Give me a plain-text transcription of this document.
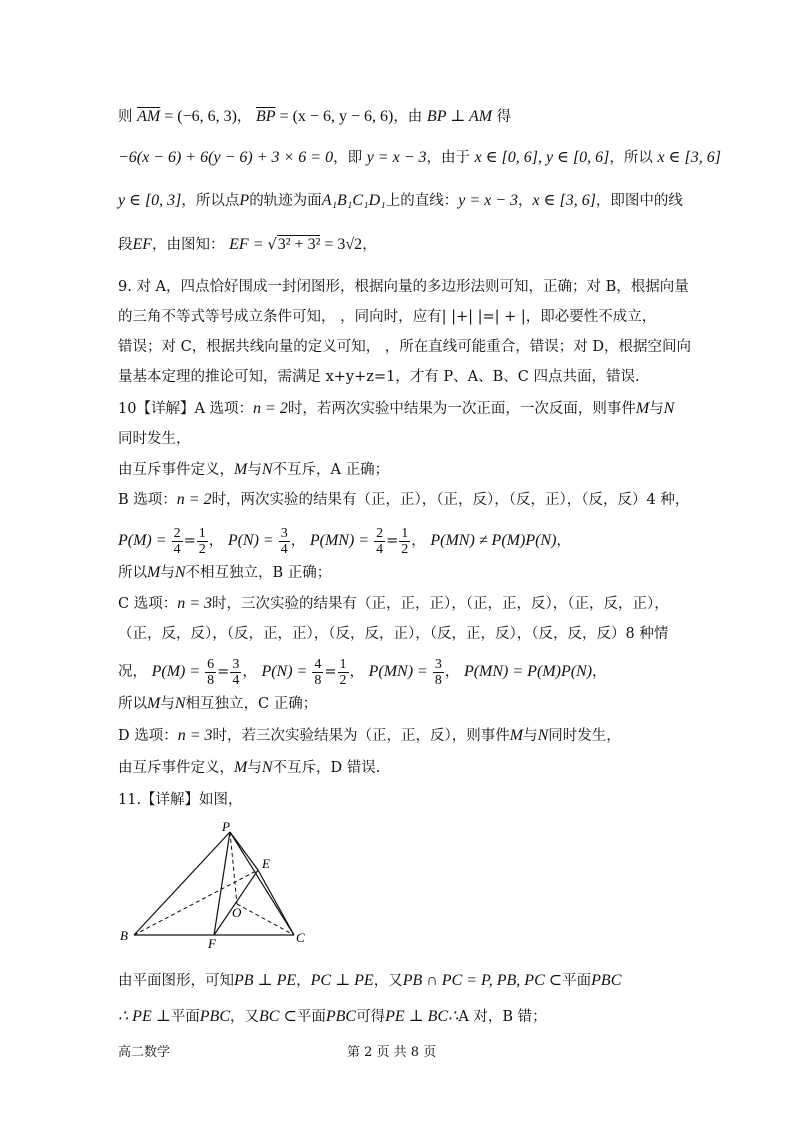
则 $\overline{AM} = (-6$, 6, 3)， $\overline{BP} = (x - 6$, y − 6, 6)，由 BP ⊥ AM 得
−6(x − 6) + 6(y − 6) + 3 × 6 = 0，即 y = x − 3，由于 x ∈ [0, 6], y ∈ [0, 6]，所以 x ∈ [3, 6]
y ∈ [0, 3]，所以点P的轨迹为面A₁B₁C₁D₁上的直线：y = x − 3，x ∈ [3, 6]，即图中的线
段EF，由图知： EF = √3² + 3² = 3√2，
9. 对 A，四点恰好围成一封闭图形，根据向量的多边形法则可知，正确；对 B，根据向量
的三角不等式等号成立条件可知， ，同向时，应有| |+| |=| + |，即必要性不成立，
错误；对 C，根据共线向量的定义可知， ，所在直线可能重合，错误；对 D，根据空间向
量基本定理的推论可知，需满足 x+y+z=1，才有 P、A、B、C 四点共面，错误.
10【详解】A 选项：n = 2时，若两次实验中结果为一次正面，一次反面，则事件M与N
同时发生，
由互斥事件定义，M与N不互斥，A 正确；
B 选项：n = 2时，两次实验的结果有（正，正），（正，反），（反，正），（反，反）4 种，
$P(M) = \frac{2}{4} = \frac{1}{2}$ ， $P(N) = \frac{3}{4}$ ， $P(MN) = \frac{2}{4} = \frac{1}{2}$ ， P(MN) ≠ P(M)P(N)，
所以M与N不相互独立，B 正确；
C 选项：n = 3时，三次实验的结果有（正，正，正），（正，正，反），（正，反，正），
（正，反，反），（反，正，正），（反，反，正），（反，正，反），（反，反，反）8 种情
况， $P(M) = \frac{6}{8} = \frac{3}{4}$ ， $P(N) = \frac{4}{8} = \frac{1}{2}$ ， $P(MN) = \frac{3}{8}$ ， P(MN) = P(M)P(N)，
所以M与N相互独立，C 正确；
D 选项：n = 3时，若三次实验结果为（正，正，反），则事件M与N同时发生，
由互斥事件定义，M与N不互斥，D 错误.
11.【详解】如图，
P
E
O
B
F	C
由平面图形，可知PB ⊥ PE，PC ⊥ PE，又PB ∩ PC = P, PB, PC ⊂平面PBC
∴ PE ⊥平面PBC，又BC ⊂平面PBC可得PE ⊥ BC∴A 对，B 错；
高二数学	第 2 页 共 8 页
